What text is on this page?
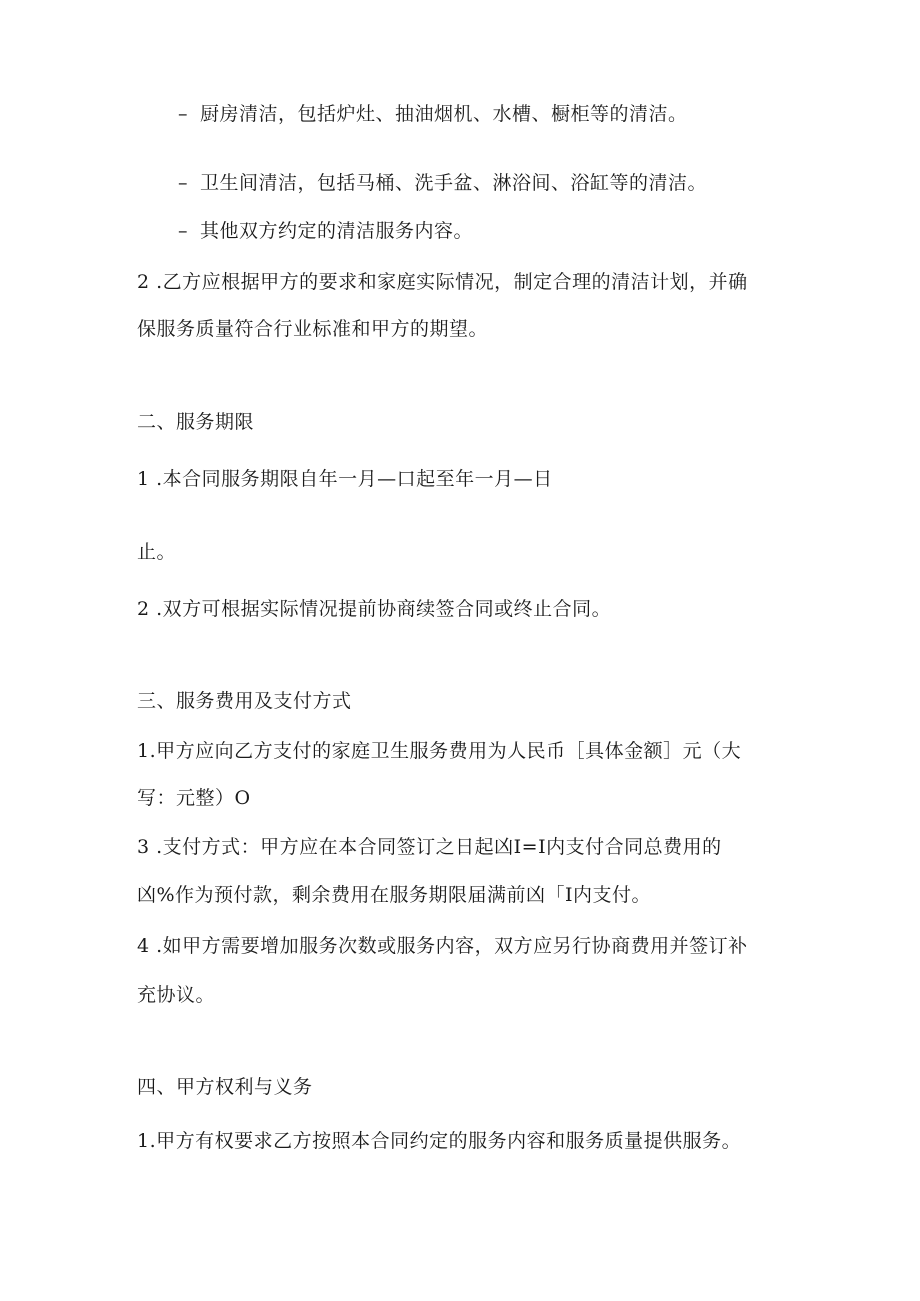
– 厨房清洁，包括炉灶、抽油烟机、水槽、橱柜等的清洁。
– 卫生间清洁，包括马桶、洗手盆、淋浴间、浴缸等的清洁。
– 其他双方约定的清洁服务内容。
2 .乙方应根据甲方的要求和家庭实际情况，制定合理的清洁计划，并确
保服务质量符合行业标准和甲方的期望。
二、服务期限
1 .本合同服务期限自年一月—口起至年一月—日
止。
2 .双方可根据实际情况提前协商续签合同或终止合同。
三、服务费用及支付方式
1.甲方应向乙方支付的家庭卫生服务费用为人民币［具体金额］元（大
写：元整）O
3 .支付方式：甲方应在本合同签订之日起凶I=I内支付合同总费用的
凶%作为预付款，剩余费用在服务期限届满前凶「I内支付。
4 .如甲方需要增加服务次数或服务内容，双方应另行协商费用并签订补
充协议。
四、甲方权利与义务
1.甲方有权要求乙方按照本合同约定的服务内容和服务质量提供服务。
